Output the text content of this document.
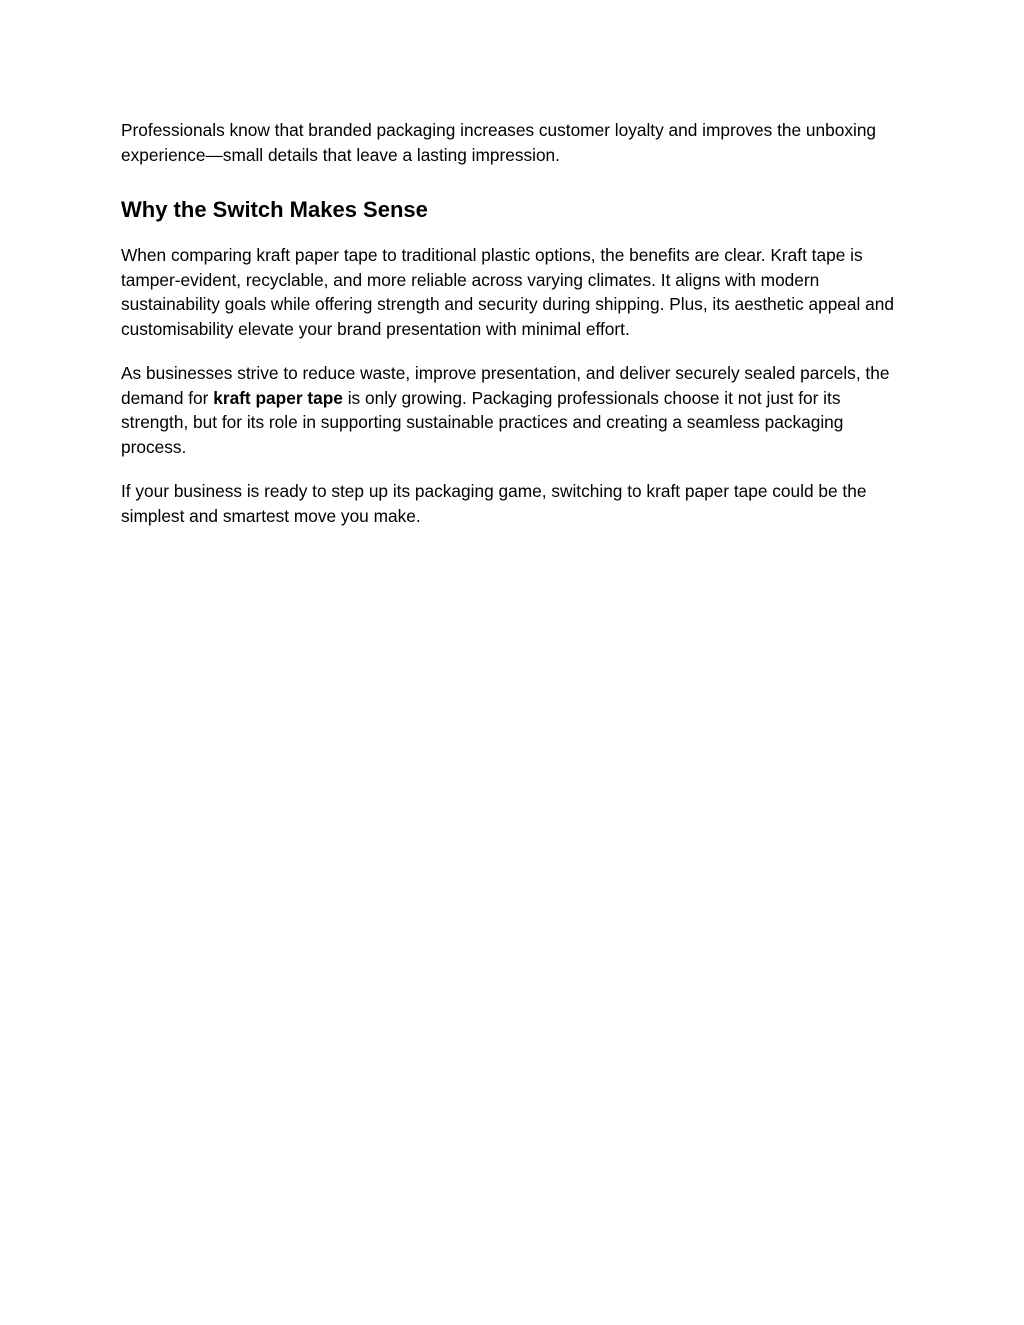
Professionals know that branded packaging increases customer loyalty and improves the unboxing experience—small details that leave a lasting impression.

Why the Switch Makes Sense

When comparing kraft paper tape to traditional plastic options, the benefits are clear. Kraft tape is tamper-evident, recyclable, and more reliable across varying climates. It aligns with modern sustainability goals while offering strength and security during shipping. Plus, its aesthetic appeal and customisability elevate your brand presentation with minimal effort.

As businesses strive to reduce waste, improve presentation, and deliver securely sealed parcels, the demand for kraft paper tape is only growing. Packaging professionals choose it not just for its strength, but for its role in supporting sustainable practices and creating a seamless packaging process.

If your business is ready to step up its packaging game, switching to kraft paper tape could be the simplest and smartest move you make.
